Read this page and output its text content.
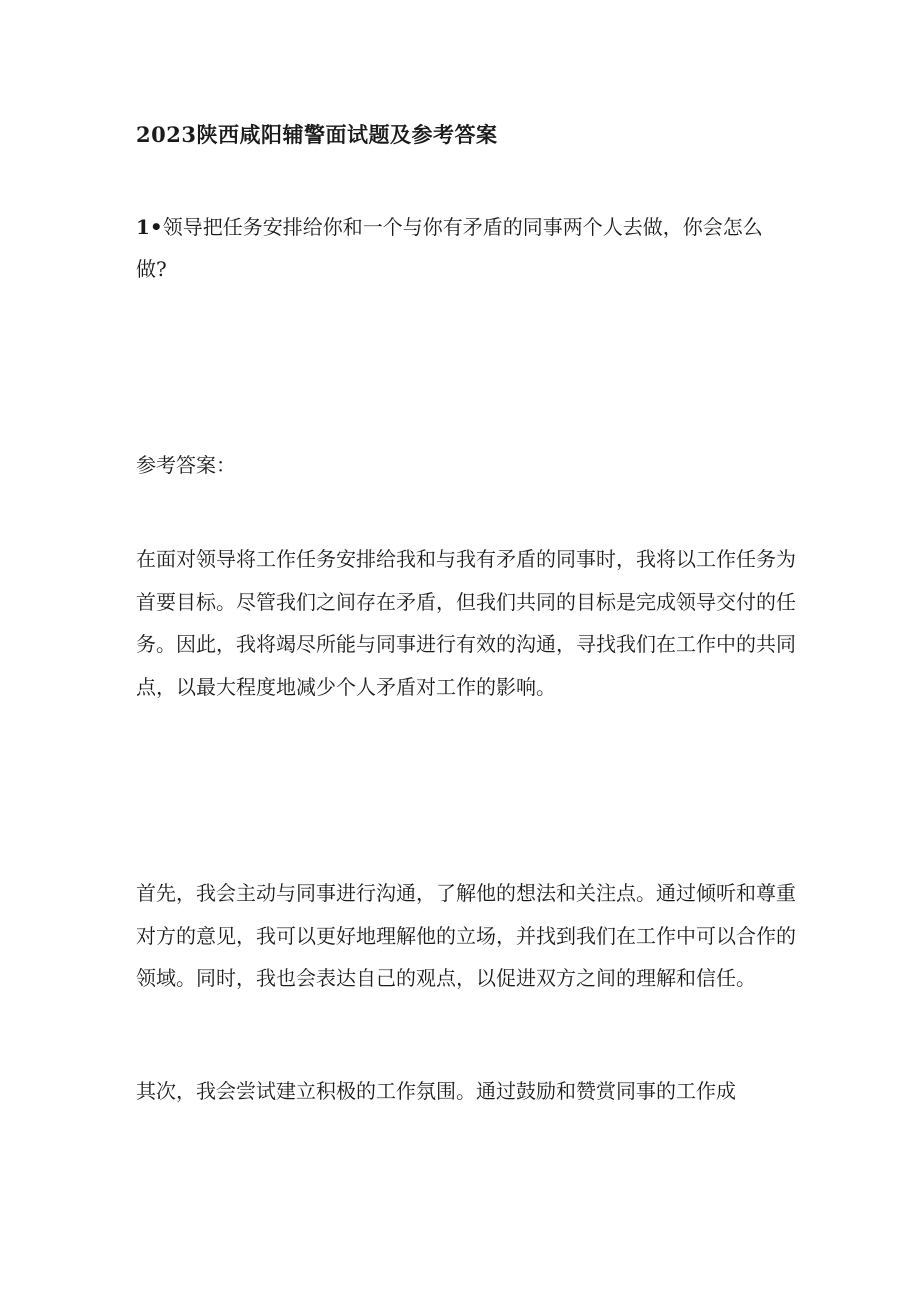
2023陕西咸阳辅警面试题及参考答案

1•领导把任务安排给你和一个与你有矛盾的同事两个人去做，你会怎么做?

参考答案：

在面对领导将工作任务安排给我和与我有矛盾的同事时，我将以工作任务为首要目标。尽管我们之间存在矛盾，但我们共同的目标是完成领导交付的任务。因此，我将竭尽所能与同事进行有效的沟通，寻找我们在工作中的共同点，以最大程度地减少个人矛盾对工作的影响。

首先，我会主动与同事进行沟通，了解他的想法和关注点。通过倾听和尊重对方的意见，我可以更好地理解他的立场，并找到我们在工作中可以合作的领域。同时，我也会表达自己的观点，以促进双方之间的理解和信任。

其次，我会尝试建立积极的工作氛围。通过鼓励和赞赏同事的工作成
